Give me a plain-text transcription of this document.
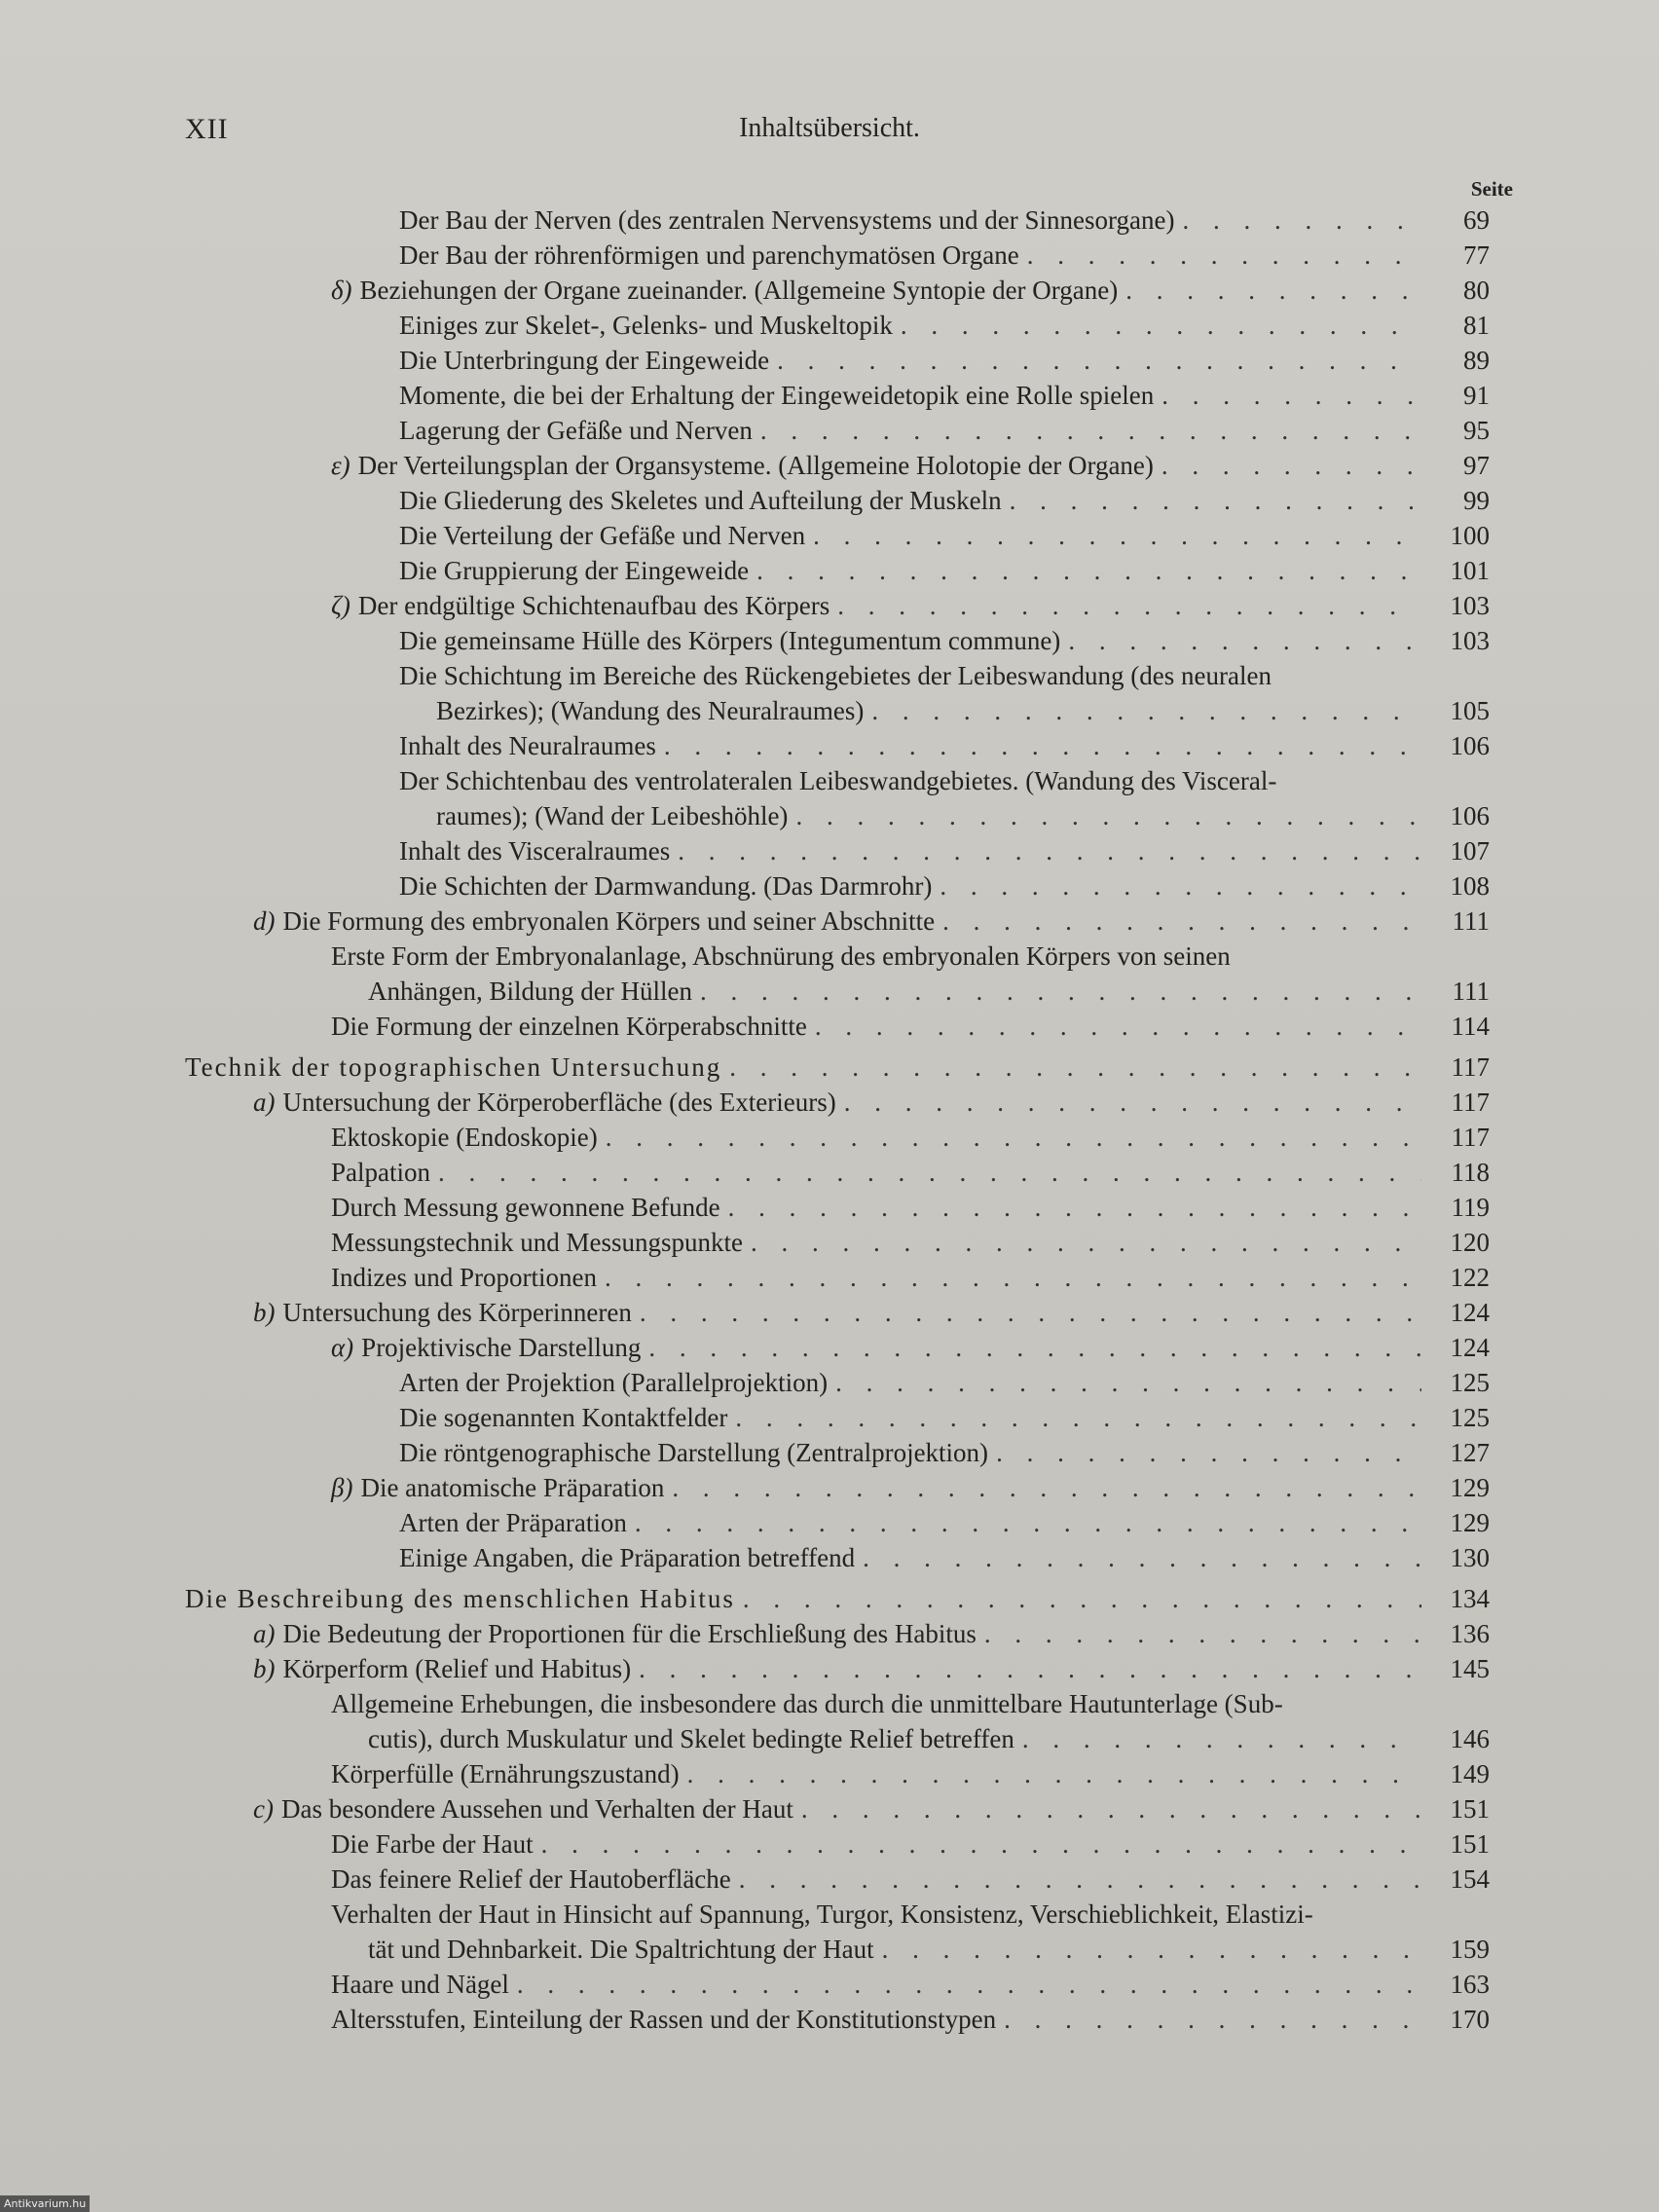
XII	Inhaltsübersicht.
Seite
Der Bau der Nerven (des zentralen Nervensystems und der Sinnesorgane) . . .	69
Der Bau der röhrenförmigen und parenchymatösen Organe . . .	77
δ) Beziehungen der Organe zueinander. (Allgemeine Syntopie der Organe) . . .	80
Einiges zur Skelet-, Gelenks- und Muskeltopik . . .	81
Die Unterbringung der Eingeweide . . .	89
Momente, die bei der Erhaltung der Eingeweidetopik eine Rolle spielen . . .	91
Lagerung der Gefäße und Nerven . . .	95
ε) Der Verteilungsplan der Organsysteme. (Allgemeine Holotopie der Organe) . . .	97
Die Gliederung des Skeletes und Aufteilung der Muskeln . . .	99
Die Verteilung der Gefäße und Nerven . . .	100
Die Gruppierung der Eingeweide . . .	101
ζ) Der endgültige Schichtenaufbau des Körpers . . .	103
Die gemeinsame Hülle des Körpers (Integumentum commune) . . .	103
Die Schichtung im Bereiche des Rückengebietes der Leibeswandung (des neuralen
Bezirkes); (Wandung des Neuralraumes) . . .	105
Inhalt des Neuralraumes . . .	106
Der Schichtenbau des ventrolateralen Leibeswandgebietes. (Wandung des Visceral-
raumes); (Wand der Leibeshöhle) . . .	106
Inhalt des Visceralraumes . . .	107
Die Schichten der Darmwandung. (Das Darmrohr) . . .	108
d) Die Formung des embryonalen Körpers und seiner Abschnitte . . .	111
Erste Form der Embryonalanlage, Abschnürung des embryonalen Körpers von seinen
Anhängen, Bildung der Hüllen . . .	111
Die Formung der einzelnen Körperabschnitte . . .	114
Technik der topographischen Untersuchung . . .	117
a) Untersuchung der Körperoberfläche (des Exterieurs) . . .	117
Ektoskopie (Endoskopie) . . .	117
Palpation . . .	118
Durch Messung gewonnene Befunde . . .	119
Messungstechnik und Messungspunkte . . .	120
Indizes und Proportionen . . .	122
b) Untersuchung des Körperinneren . . .	124
α) Projektivische Darstellung . . .	124
Arten der Projektion (Parallelprojektion) . . .	125
Die sogenannten Kontaktfelder . . .	125
Die röntgenographische Darstellung (Zentralprojektion) . . .	127
β) Die anatomische Präparation . . .	129
Arten der Präparation . . .	129
Einige Angaben, die Präparation betreffend . . .	130
Die Beschreibung des menschlichen Habitus . . .	134
a) Die Bedeutung der Proportionen für die Erschließung des Habitus . . .	136
b) Körperform (Relief und Habitus) . . .	145
Allgemeine Erhebungen, die insbesondere das durch die unmittelbare Hautunterlage (Sub-
cutis), durch Muskulatur und Skelet bedingte Relief betreffen . . .	146
Körperfülle (Ernährungszustand) . . .	149
c) Das besondere Aussehen und Verhalten der Haut . . .	151
Die Farbe der Haut . . .	151
Das feinere Relief der Hautoberfläche . . .	154
Verhalten der Haut in Hinsicht auf Spannung, Turgor, Konsistenz, Verschieblichkeit, Elastizi-
tät und Dehnbarkeit. Die Spaltrichtung der Haut . . .	159
Haare und Nägel . . .	163
Altersstufen, Einteilung der Rassen und der Konstitutionstypen . . .	170
Antikvarium.hu
